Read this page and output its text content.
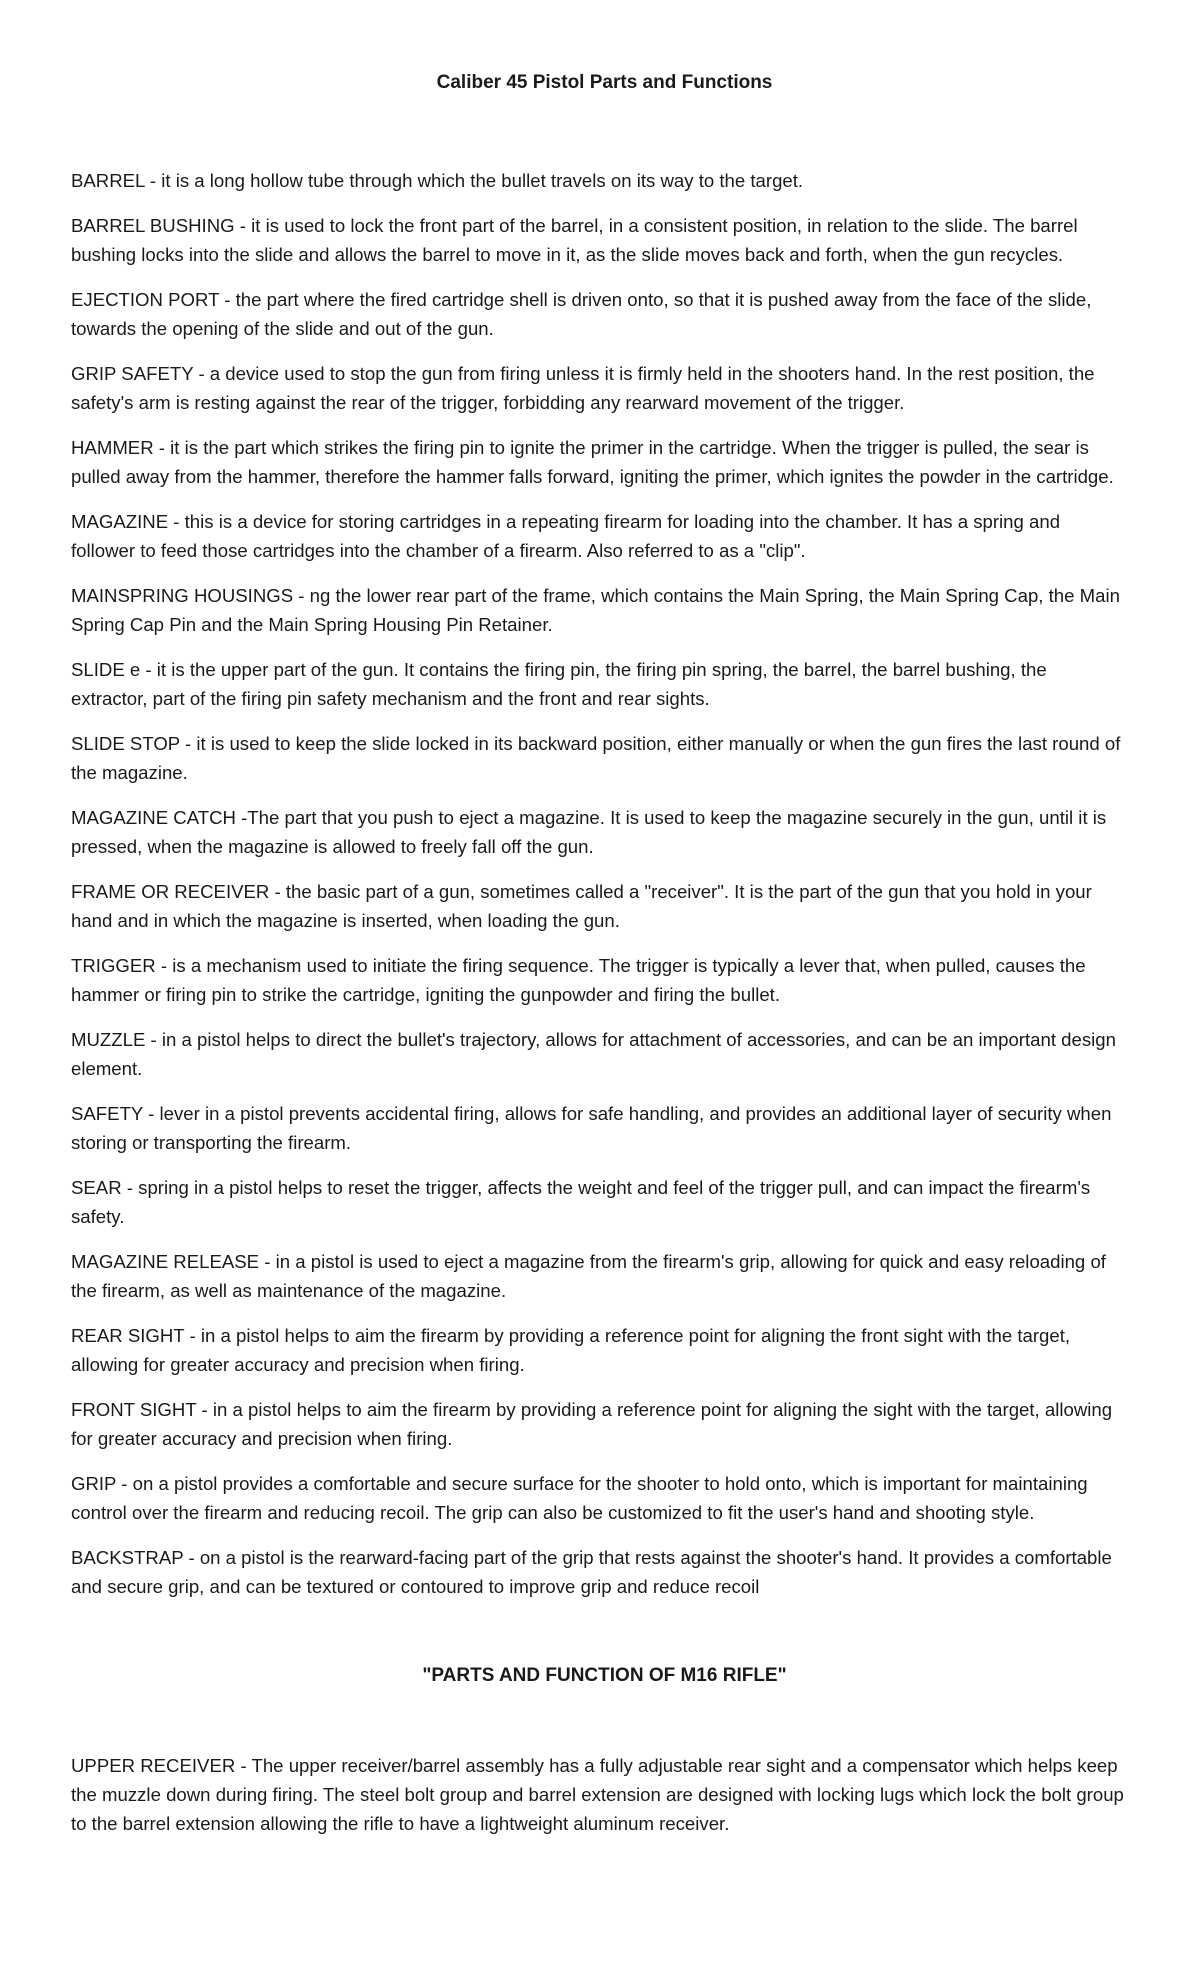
Caliber 45 Pistol Parts and Functions

BARREL - it is a long hollow tube through which the bullet travels on its way to the target.

BARREL BUSHING - it is used to lock the front part of the barrel, in a consistent position, in relation to the slide. The barrel bushing locks into the slide and allows the barrel to move in it, as the slide moves back and forth, when the gun recycles.

EJECTION PORT - the part where the fired cartridge shell is driven onto, so that it is pushed away from the face of the slide, towards the opening of the slide and out of the gun.

GRIP SAFETY - a device used to stop the gun from firing unless it is firmly held in the shooters hand. In the rest position, the safety's arm is resting against the rear of the trigger, forbidding any rearward movement of the trigger.

HAMMER - it is the part which strikes the firing pin to ignite the primer in the cartridge. When the trigger is pulled, the sear is pulled away from the hammer, therefore the hammer falls forward, igniting the primer, which ignites the powder in the cartridge.

MAGAZINE - this is a device for storing cartridges in a repeating firearm for loading into the chamber. It has a spring and follower to feed those cartridges into the chamber of a firearm. Also referred to as a "clip".

MAINSPRING HOUSINGS - ng the lower rear part of the frame, which contains the Main Spring, the Main Spring Cap, the Main Spring Cap Pin and the Main Spring Housing Pin Retainer.

SLIDE e - it is the upper part of the gun. It contains the firing pin, the firing pin spring, the barrel, the barrel bushing, the extractor, part of the firing pin safety mechanism and the front and rear sights.

SLIDE STOP - it is used to keep the slide locked in its backward position, either manually or when the gun fires the last round of the magazine.

MAGAZINE CATCH -The part that you push to eject a magazine. It is used to keep the magazine securely in the gun, until it is pressed, when the magazine is allowed to freely fall off the gun.

FRAME OR RECEIVER - the basic part of a gun, sometimes called a "receiver". It is the part of the gun that you hold in your hand and in which the magazine is inserted, when loading the gun.

TRIGGER - is a mechanism used to initiate the firing sequence. The trigger is typically a lever that, when pulled, causes the hammer or firing pin to strike the cartridge, igniting the gunpowder and firing the bullet.

MUZZLE - in a pistol helps to direct the bullet's trajectory, allows for attachment of accessories, and can be an important design element.

SAFETY - lever in a pistol prevents accidental firing, allows for safe handling, and provides an additional layer of security when storing or transporting the firearm.

SEAR - spring in a pistol helps to reset the trigger, affects the weight and feel of the trigger pull, and can impact the firearm's safety.

MAGAZINE RELEASE - in a pistol is used to eject a magazine from the firearm's grip, allowing for quick and easy reloading of the firearm, as well as maintenance of the magazine.

REAR SIGHT - in a pistol helps to aim the firearm by providing a reference point for aligning the front sight with the target, allowing for greater accuracy and precision when firing.

FRONT SIGHT - in a pistol helps to aim the firearm by providing a reference point for aligning the sight with the target, allowing for greater accuracy and precision when firing.

GRIP - on a pistol provides a comfortable and secure surface for the shooter to hold onto, which is important for maintaining control over the firearm and reducing recoil. The grip can also be customized to fit the user's hand and shooting style.

BACKSTRAP - on a pistol is the rearward-facing part of the grip that rests against the shooter's hand. It provides a comfortable and secure grip, and can be textured or contoured to improve grip and reduce recoil

"PARTS AND FUNCTION OF M16 RIFLE"

UPPER RECEIVER - The upper receiver/barrel assembly has a fully adjustable rear sight and a compensator which helps keep the muzzle down during firing. The steel bolt group and barrel extension are designed with locking lugs which lock the bolt group to the barrel extension allowing the rifle to have a lightweight aluminum receiver.
